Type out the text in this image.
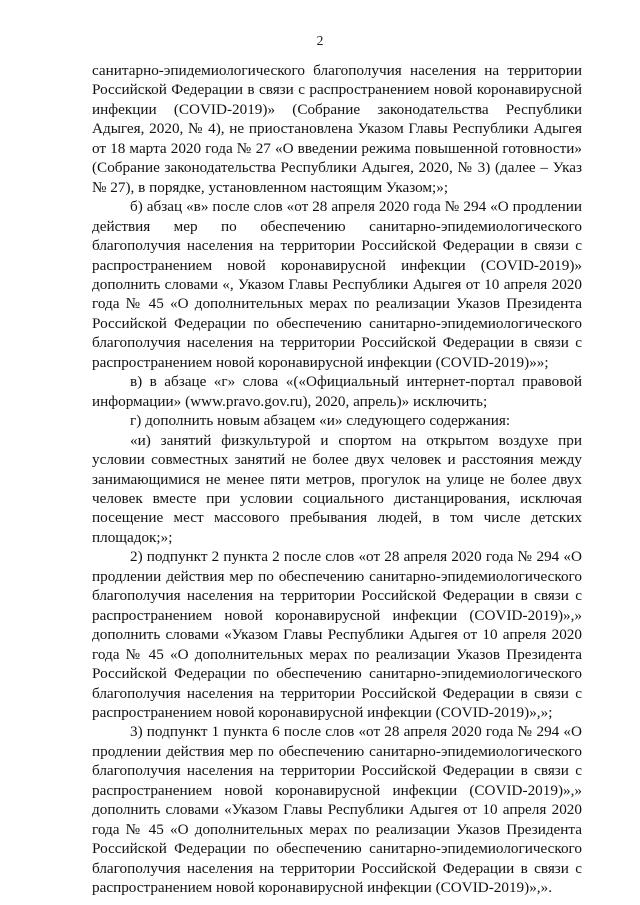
2

санитарно-эпидемиологического благополучия населения на территории Российской Федерации в связи с распространением новой коронавирусной инфекции (COVID-2019)» (Собрание законодательства Республики Адыгея, 2020, № 4), не приостановлена Указом Главы Республики Адыгея от 18 марта 2020 года № 27 «О введении режима повышенной готовности» (Собрание законодательства Республики Адыгея, 2020, № 3) (далее – Указ № 27), в порядке, установленном настоящим Указом;»;

б) абзац «в» после слов «от 28 апреля 2020 года № 294 «О продлении действия мер по обеспечению санитарно-эпидемиологического благополучия населения на территории Российской Федерации в связи с распространением новой коронавирусной инфекции (COVID-2019)» дополнить словами «, Указом Главы Республики Адыгея от 10 апреля 2020 года № 45 «О дополнительных мерах по реализации Указов Президента Российской Федерации по обеспечению санитарно-эпидемиологического благополучия населения на территории Российской Федерации в связи с распространением новой коронавирусной инфекции (COVID-2019)»»;

в) в абзаце «г» слова «(«Официальный интернет-портал правовой информации» (www.pravo.gov.ru), 2020, апрель)» исключить;

г) дополнить новым абзацем «и» следующего содержания:

«и) занятий физкультурой и спортом на открытом воздухе при условии совместных занятий не более двух человек и расстояния между занимающимися не менее пяти метров, прогулок на улице не более двух человек вместе при условии социального дистанцирования, исключая посещение мест массового пребывания людей, в том числе детских площадок;»;

2) подпункт 2 пункта 2 после слов «от 28 апреля 2020 года № 294 «О продлении действия мер по обеспечению санитарно-эпидемиологического благополучия населения на территории Российской Федерации в связи с распространением новой коронавирусной инфекции (COVID-2019)»,» дополнить словами «Указом Главы Республики Адыгея от 10 апреля 2020 года № 45 «О дополнительных мерах по реализации Указов Президента Российской Федерации по обеспечению санитарно-эпидемиологического благополучия населения на территории Российской Федерации в связи с распространением новой коронавирусной инфекции (COVID-2019)»,»;

3) подпункт 1 пункта 6 после слов «от 28 апреля 2020 года № 294 «О продлении действия мер по обеспечению санитарно-эпидемиологического благополучия населения на территории Российской Федерации в связи с распространением новой коронавирусной инфекции (COVID-2019)»,» дополнить словами «Указом Главы Республики Адыгея от 10 апреля 2020 года № 45 «О дополнительных мерах по реализации Указов Президента Российской Федерации по обеспечению санитарно-эпидемиологического благополучия населения на территории Российской Федерации в связи с распространением новой коронавирусной инфекции (COVID-2019)»,».
